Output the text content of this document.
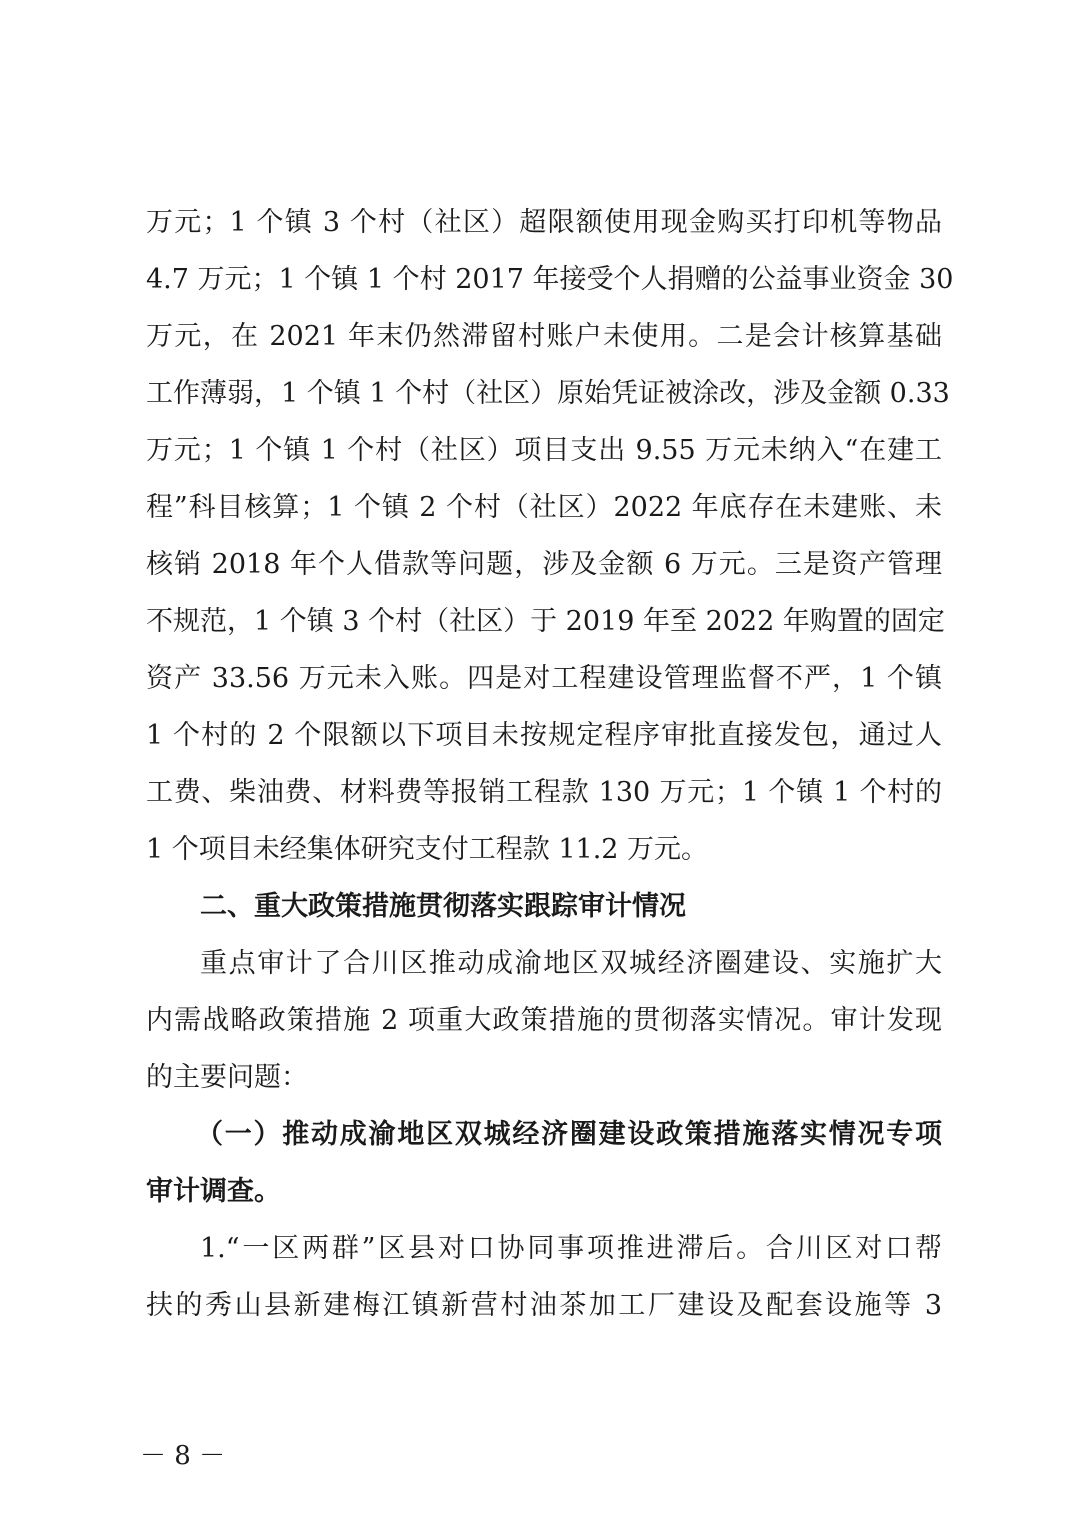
万元；1 个镇 3 个村（社区）超限额使用现金购买打印机等物品
4.7 万元；1 个镇 1 个村 2017 年接受个人捐赠的公益事业资金 30
万元，在 2021 年末仍然滞留村账户未使用。二是会计核算基础
工作薄弱，1 个镇 1 个村（社区）原始凭证被涂改，涉及金额 0.33
万元；1 个镇 1 个村（社区）项目支出 9.55 万元未纳入“在建工
程”科目核算；1 个镇 2 个村（社区）2022 年底存在未建账、未
核销 2018 年个人借款等问题，涉及金额 6 万元。三是资产管理
不规范，1 个镇 3 个村（社区）于 2019 年至 2022 年购置的固定
资产 33.56 万元未入账。四是对工程建设管理监督不严，1 个镇
1 个村的 2 个限额以下项目未按规定程序审批直接发包，通过人
工费、柴油费、材料费等报销工程款 130 万元；1 个镇 1 个村的
1 个项目未经集体研究支付工程款 11.2 万元。
二、重大政策措施贯彻落实跟踪审计情况
重点审计了合川区推动成渝地区双城经济圈建设、实施扩大
内需战略政策措施 2 项重大政策措施的贯彻落实情况。审计发现
的主要问题：
（一）推动成渝地区双城经济圈建设政策措施落实情况专项
审计调查。
1.“一区两群”区县对口协同事项推进滞后。合川区对口帮
扶的秀山县新建梅江镇新营村油茶加工厂建设及配套设施等 3
－ 8 －
